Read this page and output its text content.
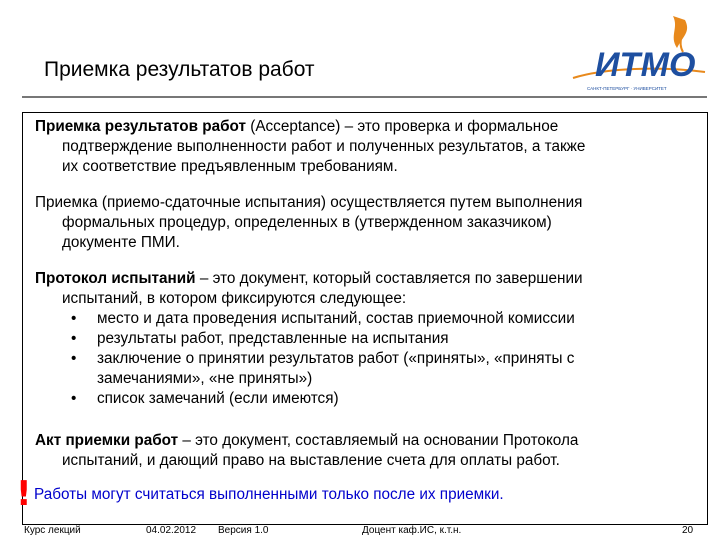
Приемка результатов работ	ИТМО
САНКТ-ПЕТЕРБУРГ · УНИВЕРСИТЕТ
Приемка результатов работ (Acceptance) – это проверка и формальное
подтверждение выполненности работ и полученных результатов, а также
их соответствие предъявленным требованиям.
Приемка (приемо-сдаточные испытания) осуществляется путем выполнения
формальных процедур, определенных в (утвержденном заказчиком)
документе ПМИ.
Протокол испытаний – это документ, который составляется по завершении
испытаний, в котором фиксируются следующее:
•	место и дата проведения испытаний, состав приемочной комиссии
•	результаты работ, представленные на испытания
•	заключение о принятии результатов работ («приняты», «приняты с замечаниями», «не приняты»)
•	список замечаний (если имеются)
Акт приемки работ – это документ, составляемый на основании Протокола
испытаний, и дающий право на выставление счета для оплаты работ.
! Работы могут считаться выполненными только после их приемки.
Курс лекций	04.02.2012 Версия 1.0	Доцент каф.ИС, к.т.н.	20
